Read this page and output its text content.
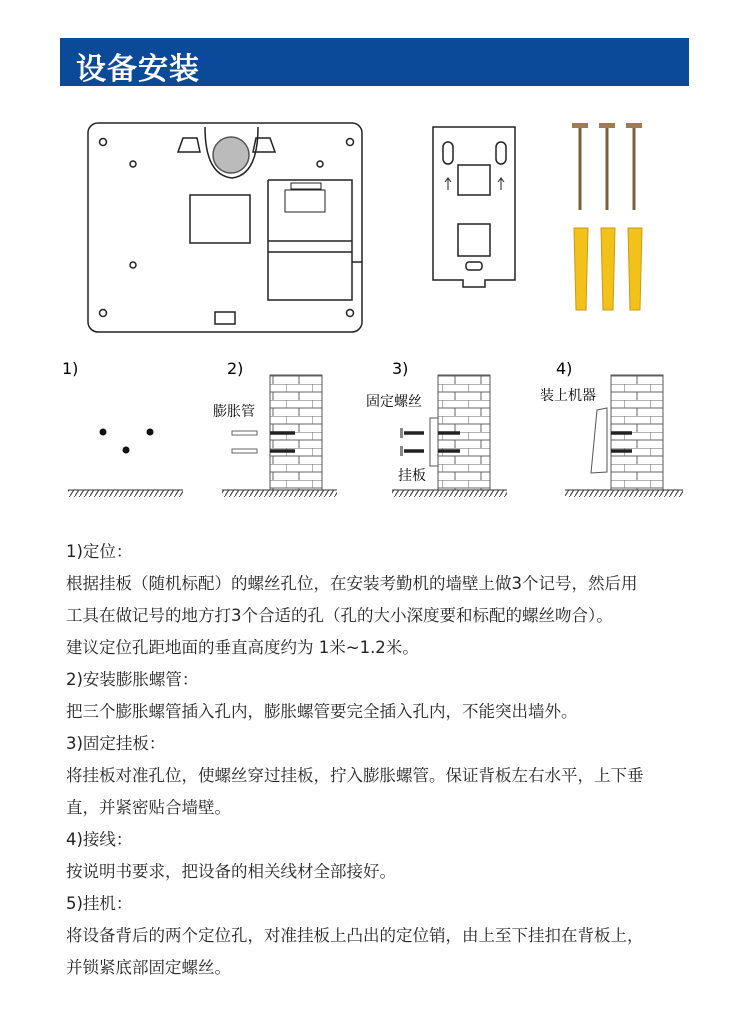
设备安装
1)	2)
膨胀管
3)
固定螺丝
挂板
4)
装上机器

1)定位：

根据挂板（随机标配）的螺丝孔位，在安装考勤机的墙壁上做3个记号，然后用

工具在做记号的地方打3个合适的孔（孔的大小深度要和标配的螺丝吻合）。

建议定位孔距地面的垂直高度约为 1米~1.2米。

2)安装膨胀螺管：

把三个膨胀螺管插入孔内，膨胀螺管要完全插入孔内，不能突出墙外。

3)固定挂板：

将挂板对准孔位，使螺丝穿过挂板，拧入膨胀螺管。保证背板左右水平，上下垂

直，并紧密贴合墙壁。

4)接线：

按说明书要求，把设备的相关线材全部接好。

5)挂机：

将设备背后的两个定位孔，对准挂板上凸出的定位销，由上至下挂扣在背板上，

并锁紧底部固定螺丝。
